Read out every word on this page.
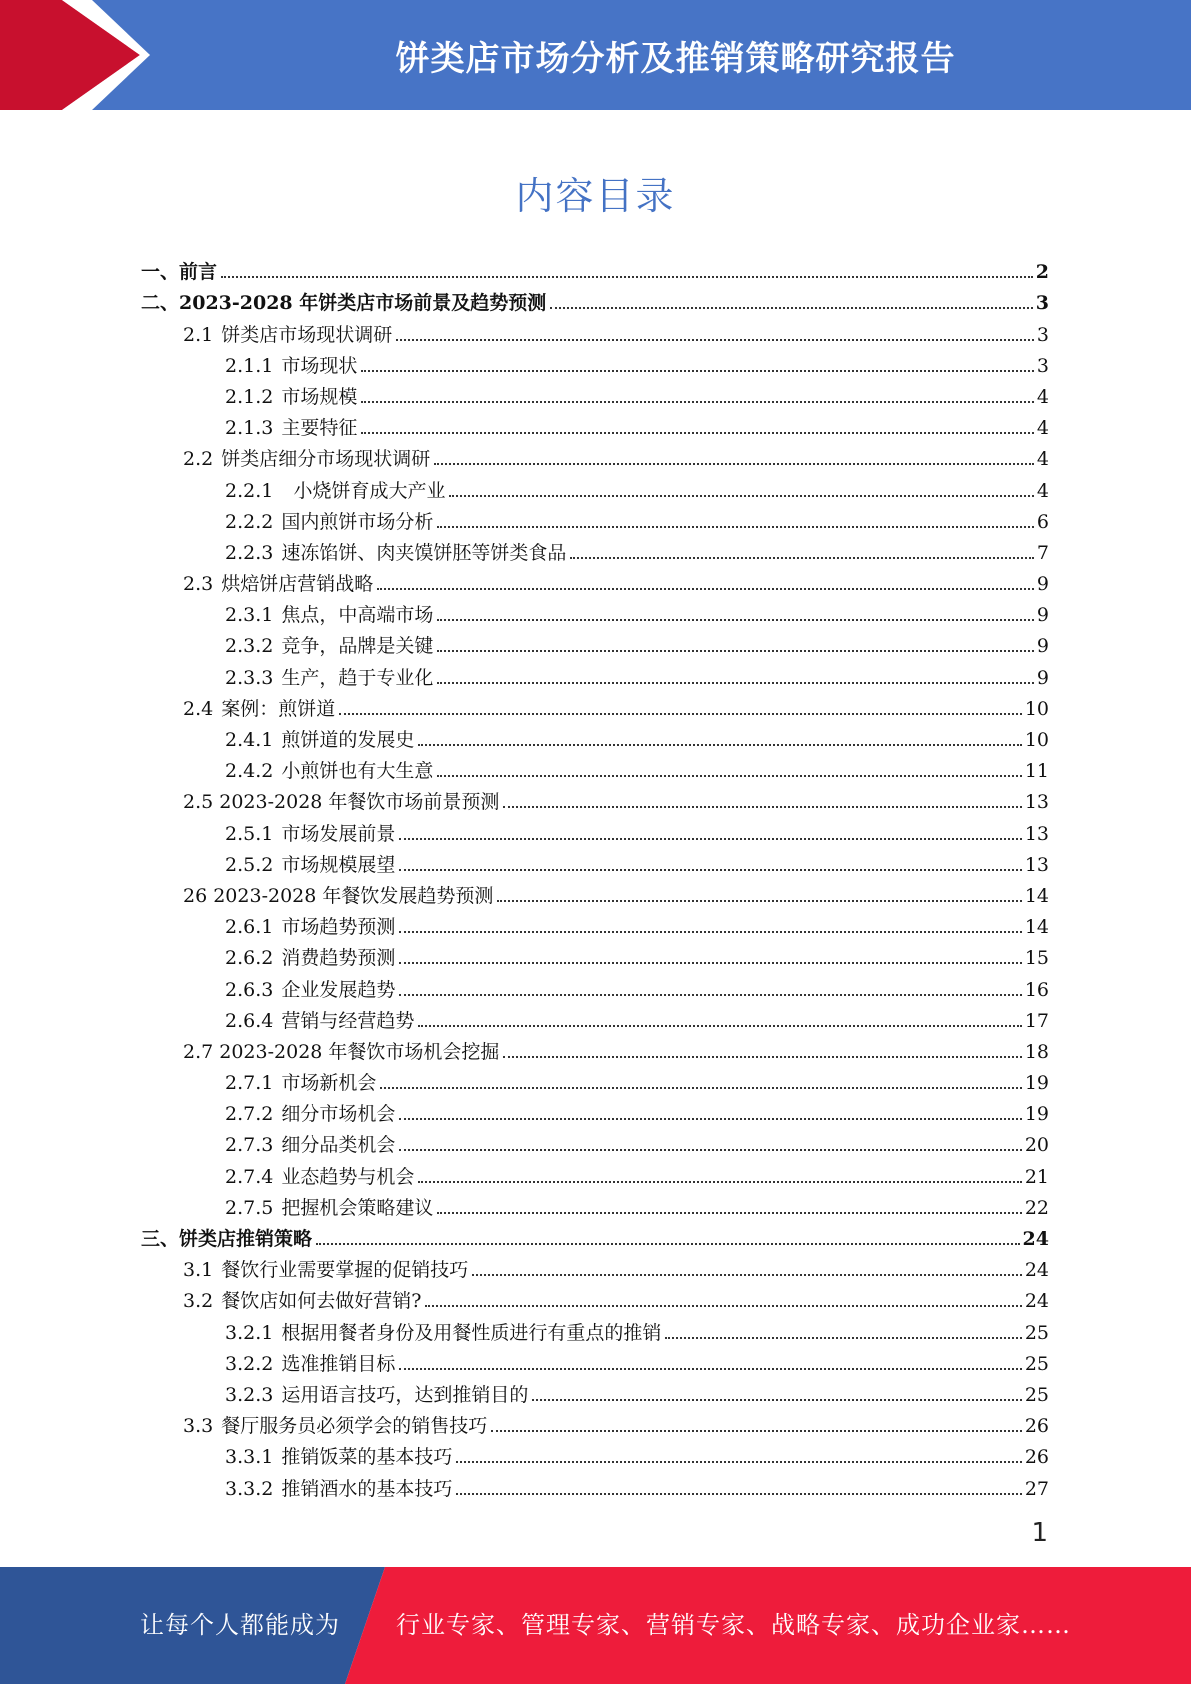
饼类店市场分析及推销策略研究报告
内容目录
一、前言	2
二、2023-2028 年饼类店市场前景及趋势预测	3
2.1 饼类店市场现状调研	3
2.1.1 市场现状	3
2.1.2 市场规模	4
2.1.3 主要特征	4
2.2 饼类店细分市场现状调研	4
2.2.1  小烧饼育成大产业	4
2.2.2 国内煎饼市场分析	6
2.2.3 速冻馅饼、肉夹馍饼胚等饼类食品	7
2.3 烘焙饼店营销战略	9
2.3.1 焦点，中高端市场	9
2.3.2 竞争，品牌是关键	9
2.3.3 生产，趋于专业化	9
2.4 案例：煎饼道	10
2.4.1 煎饼道的发展史	10
2.4.2 小煎饼也有大生意	11
2.5 2023-2028 年餐饮市场前景预测	13
2.5.1 市场发展前景	13
2.5.2 市场规模展望	13
26 2023-2028 年餐饮发展趋势预测	14
2.6.1 市场趋势预测	14
2.6.2 消费趋势预测	15
2.6.3 企业发展趋势	16
2.6.4 营销与经营趋势	17
2.7 2023-2028 年餐饮市场机会挖掘	18
2.7.1 市场新机会	19
2.7.2 细分市场机会	19
2.7.3 细分品类机会	20
2.7.4 业态趋势与机会	21
2.7.5 把握机会策略建议	22
三、饼类店推销策略	24
3.1 餐饮行业需要掌握的促销技巧	24
3.2 餐饮店如何去做好营销?	24
3.2.1 根据用餐者身份及用餐性质进行有重点的推销	25
3.2.2 选准推销目标	25
3.2.3 运用语言技巧，达到推销目的	25
3.3 餐厅服务员必须学会的销售技巧	26
3.3.1 推销饭菜的基本技巧	26
3.3.2 推销酒水的基本技巧	27
1
让每个人都能成为 行业专家、管理专家、营销专家、战略专家、成功企业家……
